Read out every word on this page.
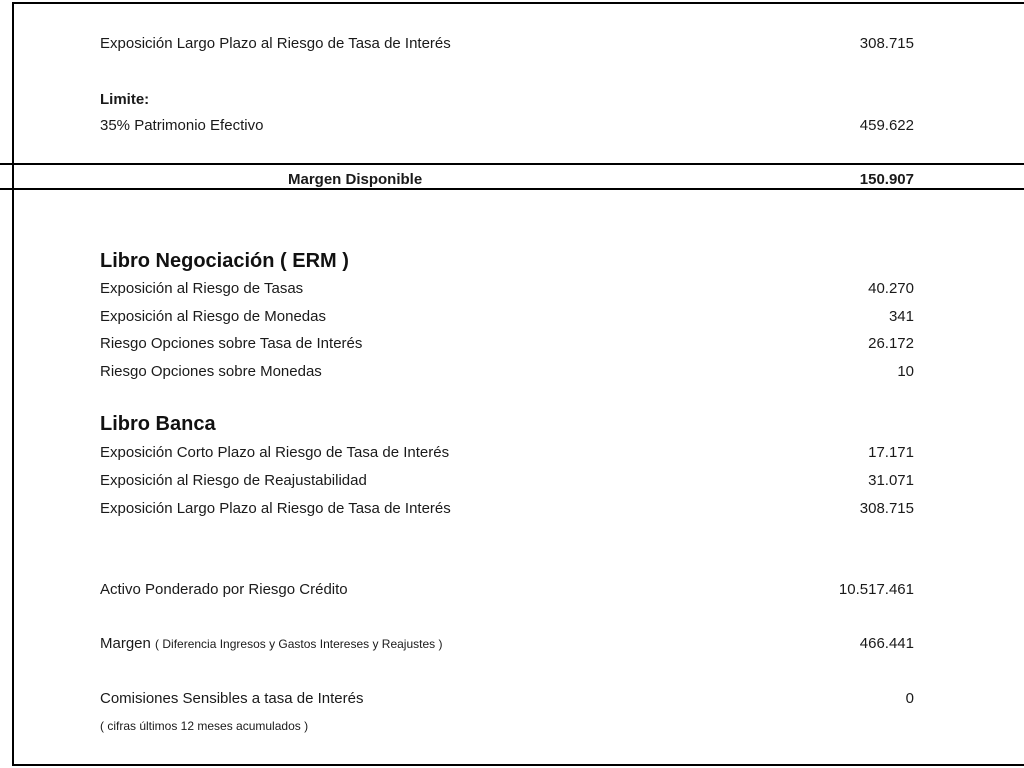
Exposición Largo Plazo al Riesgo de Tasa de Interés	308.715
Limite:
35% Patrimonio Efectivo	459.622
Margen Disponible	150.907
Libro Negociación ( ERM )
Exposición al Riesgo de Tasas	40.270
Exposición al Riesgo de Monedas	341
Riesgo Opciones sobre Tasa de Interés	26.172
Riesgo Opciones sobre Monedas	10
Libro Banca
Exposición Corto Plazo al Riesgo de Tasa de Interés	17.171
Exposición al Riesgo de Reajustabilidad	31.071
Exposición Largo Plazo al Riesgo de Tasa de Interés	308.715
Activo Ponderado por Riesgo Crédito	10.517.461
Margen ( Diferencia Ingresos y Gastos Intereses y Reajustes )	466.441
Comisiones Sensibles a tasa de Interés	0
( cifras últimos 12 meses acumulados )
